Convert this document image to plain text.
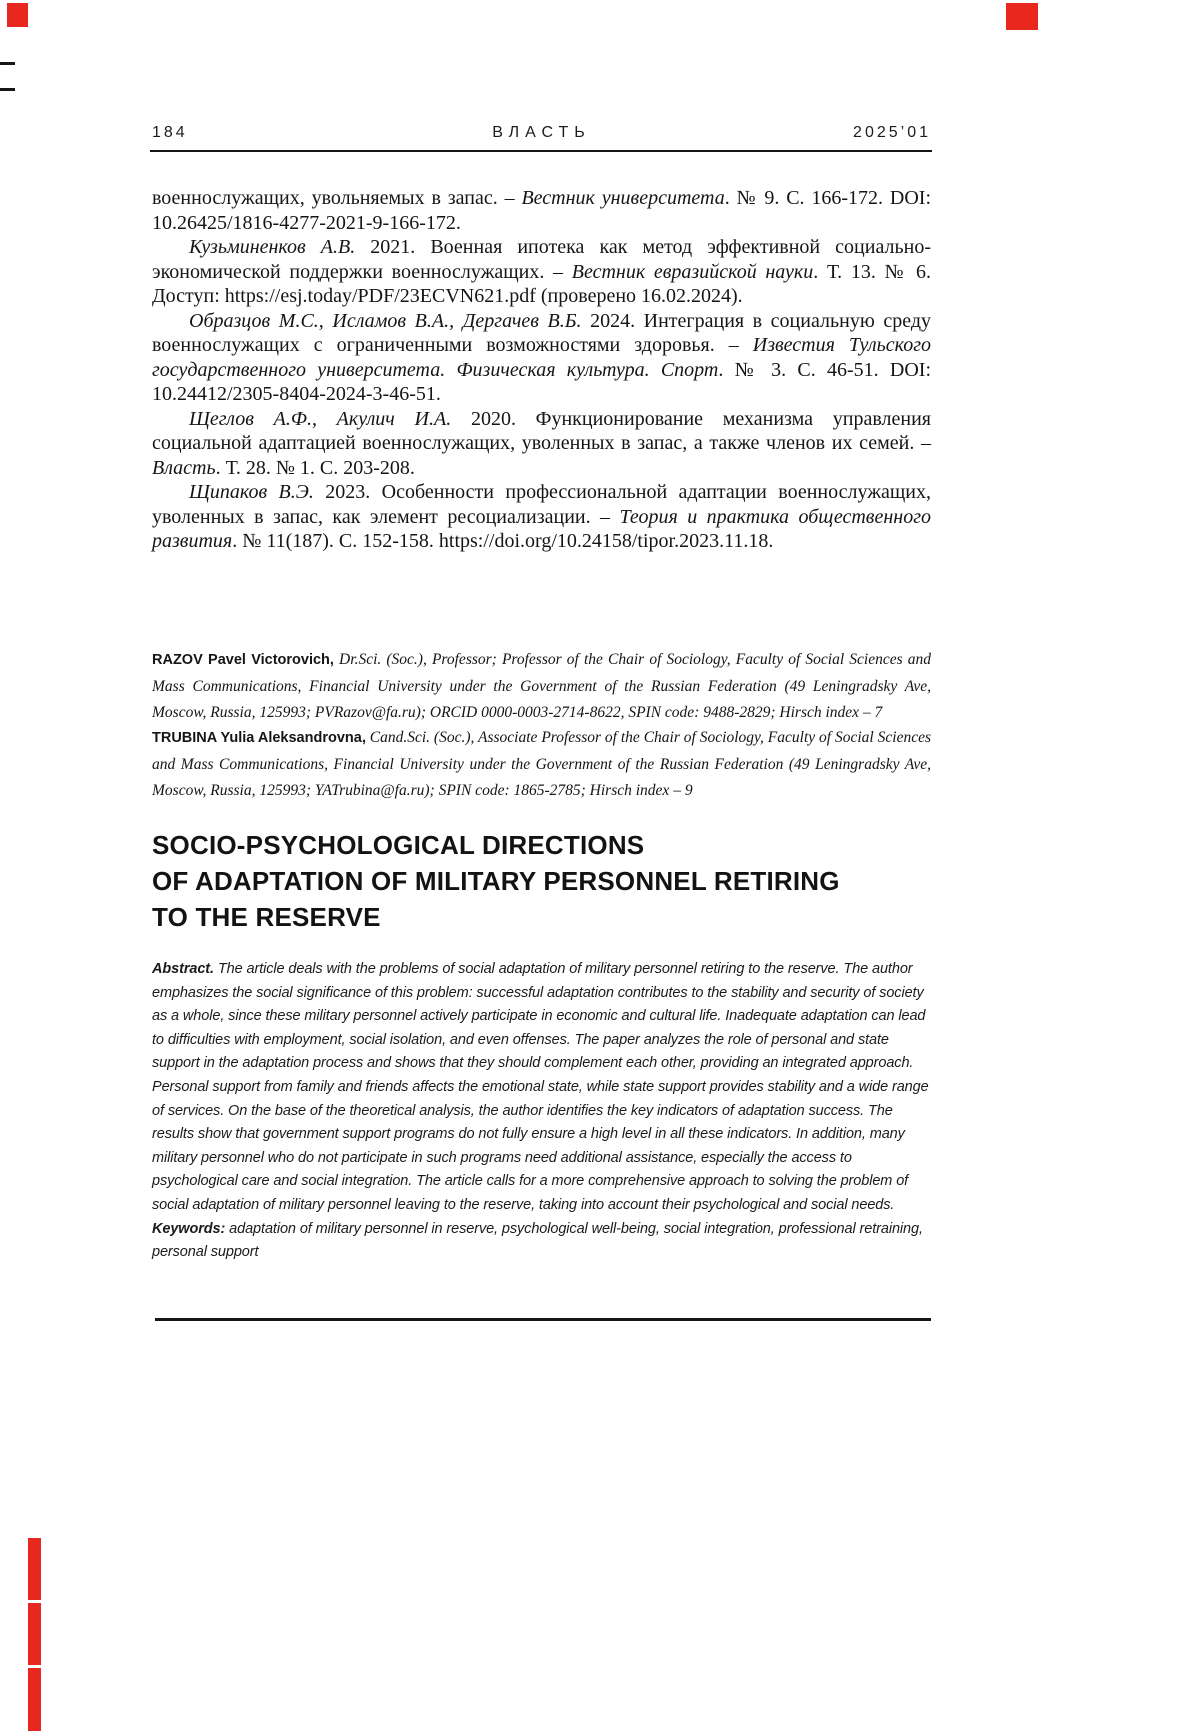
184	ВЛАСТЬ	2025’01

военнослужащих, увольняемых в запас. – Вестник университета. № 9. С. 166-172. DOI: 10.26425/1816-4277-2021-9-166-172.

Кузьминенков А.В. 2021. Военная ипотека как метод эффективной социально-экономической поддержки военнослужащих. – Вестник евразийской науки. Т. 13. № 6. Доступ: https://esj.today/PDF/23ECVN621.pdf (проверено 16.02.2024).

Образцов М.С., Исламов В.А., Дергачев В.Б. 2024. Интеграция в социальную среду военнослужащих с ограниченными возможностями здоровья. – Известия Тульского государственного университета. Физическая культура. Спорт. № 3. С. 46-51. DOI: 10.24412/2305-8404-2024-3-46-51.

Щеглов А.Ф., Акулич И.А. 2020. Функционирование механизма управления социальной адаптацией военнослужащих, уволенных в запас, а также членов их семей. – Власть. Т. 28. № 1. С. 203-208.

Щипаков В.Э. 2023. Особенности профессиональной адаптации военнослужащих, уволенных в запас, как элемент ресоциализации. – Теория и практика общественного развития. № 11(187). С. 152-158. https://doi.org/10.24158/tipor.2023.11.18.

RAZOV Pavel Victorovich, Dr.Sci. (Soc.), Professor; Professor of the Chair of Sociology, Faculty of Social Sciences and Mass Communications, Financial University under the Government of the Russian Federation (49 Leningradsky Ave, Moscow, Russia, 125993; PVRazov@fa.ru); ORCID 0000-0003-2714-8622, SPIN code: 9488-2829; Hirsch index – 7

TRUBINA Yulia Aleksandrovna, Cand.Sci. (Soc.), Associate Professor of the Chair of Sociology, Faculty of Social Sciences and Mass Communications, Financial University under the Government of the Russian Federation (49 Leningradsky Ave, Moscow, Russia, 125993; YATrubina@fa.ru); SPIN code: 1865-2785; Hirsch index – 9

SOCIO-PSYCHOLOGICAL DIRECTIONS
OF ADAPTATION OF MILITARY PERSONNEL RETIRING
TO THE RESERVE

Abstract. The article deals with the problems of social adaptation of military personnel retiring to the reserve. The author emphasizes the social significance of this problem: successful adaptation contributes to the stability and security of society as a whole, since these military personnel actively participate in economic and cultural life. Inadequate adaptation can lead to difficulties with employment, social isolation, and even offenses. The paper analyzes the role of personal and state support in the adaptation process and shows that they should complement each other, providing an integrated approach. Personal support from family and friends affects the emotional state, while state support provides stability and a wide range of services. On the base of the theoretical analysis, the author identifies the key indicators of adaptation success. The results show that government support programs do not fully ensure a high level in all these indicators. In addition, many military personnel who do not participate in such programs need additional assistance, especially the access to psychological care and social integration. The article calls for a more comprehensive approach to solving the problem of social adaptation of military personnel leaving to the reserve, taking into account their psychological and social needs.

Keywords: adaptation of military personnel in reserve, psychological well-being, social integration, professional retraining, personal support
